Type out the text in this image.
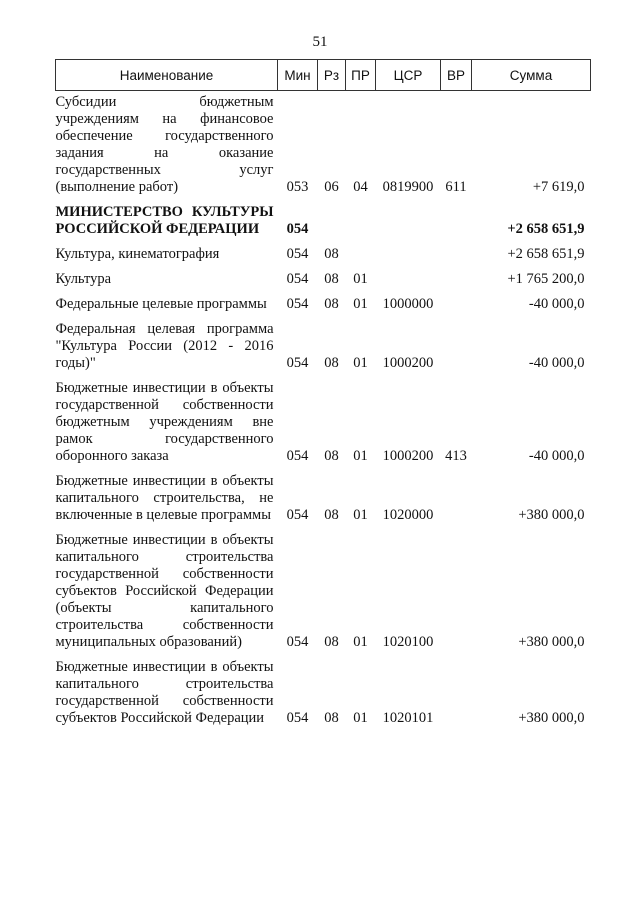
51
Наименование	Мин	Рз	ПР	ЦСР	ВР	Сумма
Субсидии бюджетным учреждениям на финансовое обеспечение государственного задания на оказание государственных услуг (выполнение работ)	053	06	04	0819900	611	+7 619,0
МИНИСТЕРСТВО КУЛЬТУРЫ РОССИЙСКОЙ ФЕДЕРАЦИИ	054					+2 658 651,9
Культура, кинематография	054	08				+2 658 651,9
Культура	054	08	01			+1 765 200,0
Федеральные целевые программы	054	08	01	1000000		-40 000,0
Федеральная целевая программа "Культура России (2012 - 2016 годы)"	054	08	01	1000200		-40 000,0
Бюджетные инвестиции в объекты государственной собственности бюджетным учреждениям вне рамок государственного оборонного заказа	054	08	01	1000200	413	-40 000,0
Бюджетные инвестиции в объекты капитального строительства, не включенные в целевые программы	054	08	01	1020000		+380 000,0
Бюджетные инвестиции в объекты капитального строительства государственной собственности субъектов Российской Федерации (объекты капитального строительства собственности муниципальных образований)	054	08	01	1020100		+380 000,0
Бюджетные инвестиции в объекты капитального строительства государственной собственности субъектов Российской Федерации	054	08	01	1020101		+380 000,0
